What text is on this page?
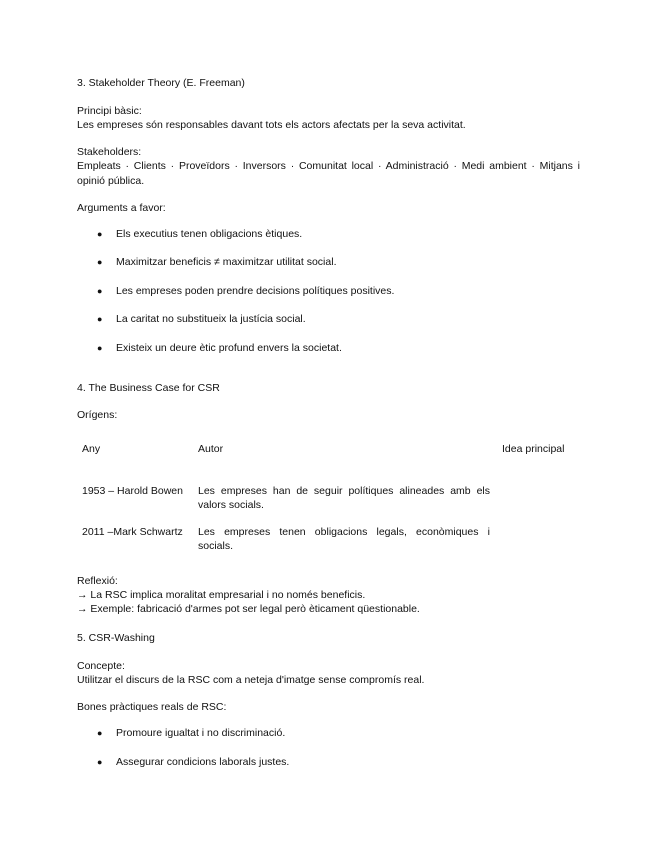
3. Stakeholder Theory (E. Freeman)
Principi bàsic:
Les empreses són responsables davant tots els actors afectats per la seva activitat.
Stakeholders:
Empleats · Clients · Proveïdors · Inversors · Comunitat local · Administració · Medi ambient · Mitjans i
opinió pública.
Arguments a favor:
● Els executius tenen obligacions ètiques.
● Maximitzar beneficis ≠ maximitzar utilitat social.
● Les empreses poden prendre decisions polítiques positives.
● La caritat no substitueix la justícia social.
● Existeix un deure ètic profund envers la societat.
4. The Business Case for CSR
Orígens:
Any	Autor	Idea principal
1953 – Harold Bowen Les empreses han de seguir polítiques alineades amb els valors socials.
2011 –Mark Schwartz Les empreses tenen obligacions legals, econòmiques i socials.
Reflexió:
→ La RSC implica moralitat empresarial i no només beneficis.
→ Exemple: fabricació d'armes pot ser legal però èticament qüestionable.
5. CSR-Washing
Concepte:
Utilitzar el discurs de la RSC com a neteja d'imatge sense compromís real.
Bones pràctiques reals de RSC:
● Promoure igualtat i no discriminació.
● Assegurar condicions laborals justes.
